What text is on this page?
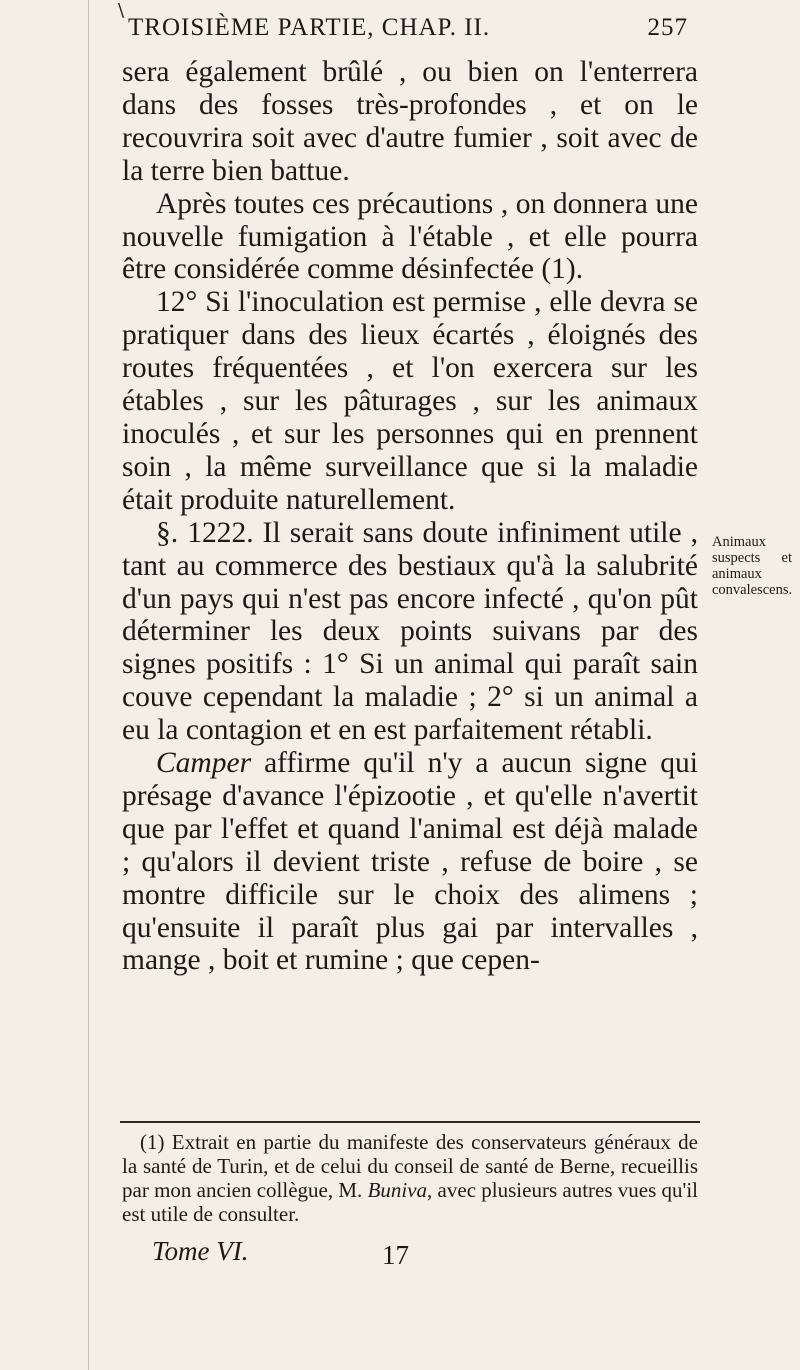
TROISIÈME PARTIE, CHAP. II.	257
\

sera également brûlé , ou bien on l'enterrera dans des fosses très-profondes , et on le recouvrira soit avec d'autre fumier , soit avec de la terre bien battue.

Après toutes ces précautions , on donnera une nouvelle fumigation à l'étable , et elle pourra être considérée comme désinfectée (1).

12° Si l'inoculation est permise , elle devra se pratiquer dans des lieux écartés , éloignés des routes fréquentées , et l'on exercera sur les étables , sur les pâturages , sur les animaux inoculés , et sur les personnes qui en prennent soin , la même surveillance que si la maladie était produite naturellement.

§. 1222. Il serait sans doute infiniment utile , tant au commerce des bestiaux qu'à la salubrité d'un pays qui n'est pas encore infecté , qu'on pût déterminer les deux points suivans par des signes positifs : 1° Si un animal qui paraît sain couve cependant la maladie ; 2° si un animal a eu la contagion et en est parfaitement rétabli.

Camper affirme qu'il n'y a aucun signe qui présage d'avance l'épizootie , et qu'elle n'avertit que par l'effet et quand l'animal est déjà malade ; qu'alors il devient triste , refuse de boire , se montre difficile sur le choix des alimens ; qu'ensuite il paraît plus gai par intervalles , mange , boit et rumine ; que cepen-

Animaux suspects et animaux convalescens.

(1) Extrait en partie du manifeste des conservateurs généraux de la santé de Turin, et de celui du conseil de santé de Berne, recueillis par mon ancien collègue, M. Buniva, avec plusieurs autres vues qu'il est utile de consulter.

Tome VI.	17
